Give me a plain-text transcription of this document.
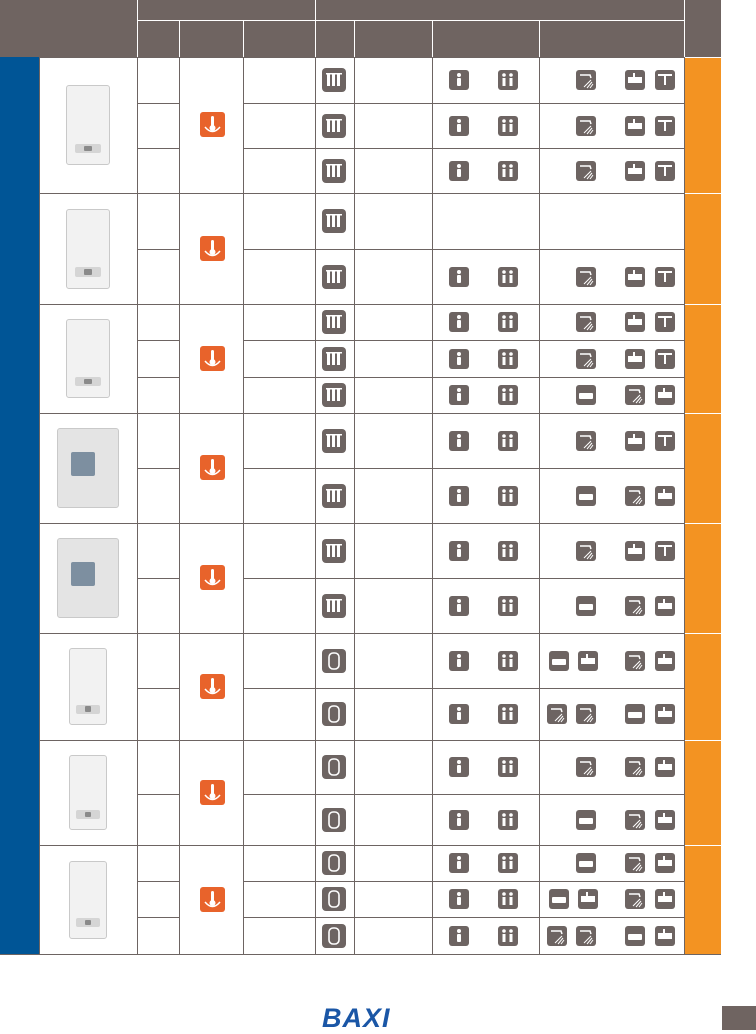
BAXI
